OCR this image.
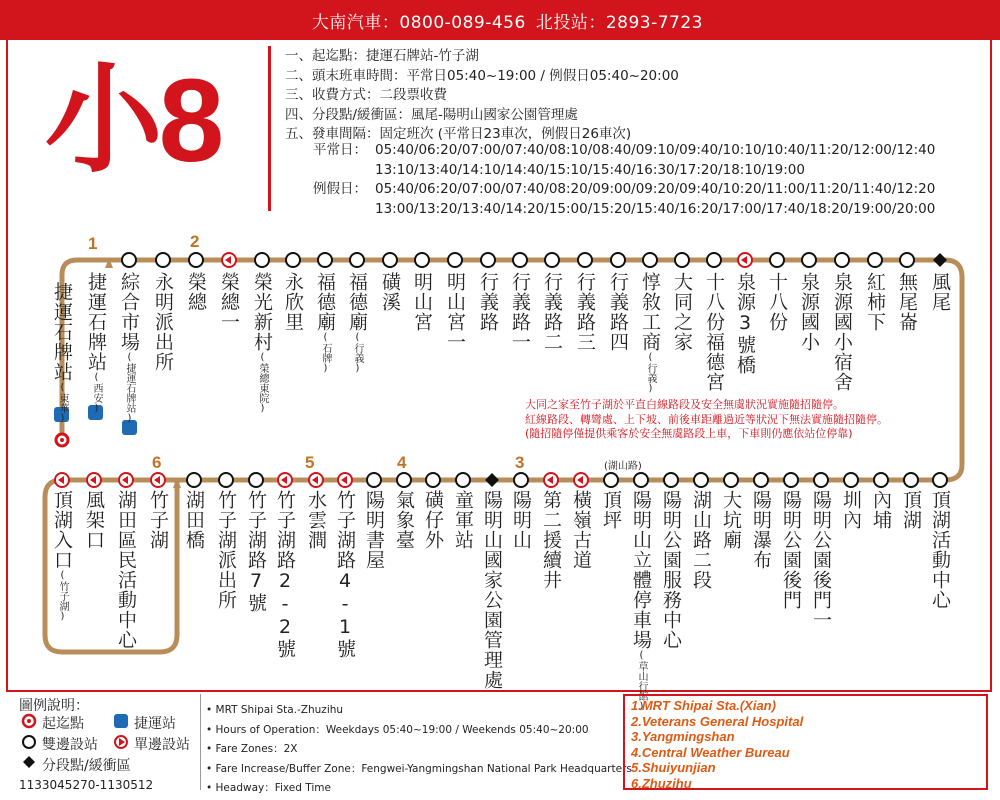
大南汽車：0800-089-456 北投站：2893-7723
小8	一、起迄點：捷運石牌站-竹子湖
二、頭末班車時間：平常日05:40~19:00 / 例假日05:40~20:00
三、收費方式：二段票收費
四、分段點/緩衝區：風尾-陽明山國家公園管理處
五、發車間隔：固定班次 (平常日23車次，例假日26車次)
平常日： 05:40/06:20/07:00/07:40/08:10/08:40/09:10/09:40/10:10/10:40/11:20/12:00/12:40
13:10/13:40/14:10/14:40/15:10/15:40/16:30/17:20/18:10/19:00
例假日： 05:40/06:20/07:00/07:40/08:20/09:00/09:20/09:40/10:20/11:00/11:20/11:40/12:20
13:00/13:20/13:40/14:20/15:00/15:20/15:40/16:20/17:00/17:40/18:20/19:00/20:00
捷運石牌站(東華)
捷運石牌站(西安)
綜合市場(捷運石牌站)
永明派出所 榮總 榮總一 榮光新村(榮總東院)
永欣里 福德廟(石牌)
福德廟(行義)
磺溪 明山宮 明山宮一 行義路 行義路一 行義路二 行義路三 行義路四 惇敘工商(行義)
大同之家 十八份福德宮 泉源3號橋 十八份 泉源國小 泉源國小宿舍 紅柿下 無尾崙 風尾
頂湖入口(竹子湖)
風架口 湖田區民活動中心 竹子湖 湖田橋 竹子湖派出所 竹子湖路7號 竹子湖路2-2號 水雲澗 竹子湖路4-1號 陽明書屋 氣象臺 磺仔外 童軍站 陽明山國家公園管理處 陽明山 第二援續井 橫嶺古道 頂坪 陽明山立體停車場(草山行館)
陽明公園服務中心 湖山路二段 大坑廟 陽明瀑布 陽明公園後門 陽明公園後門一 圳內 內埔 頂湖 頂湖活動中心
1	2
3
4
5
6	(湖山路)
大同之家至竹子湖於平直白線路段及安全無虞狀況實施隨招隨停。
紅線路段、轉彎處、上下坡、前後車距離過近等狀況下無法實施隨招隨停。
(隨招隨停僅提供乘客於安全無虞路段上車，下車則仍應依站位停靠)
圖例說明：
起迄點	捷運站
雙邊設站	單邊設站
分段點/緩衝區
1133045270-1130512
• MRT Shipai Sta.-Zhuzihu
• Hours of Operation：Weekdays 05:40~19:00 / Weekends 05:40~20:00
• Fare Zones：2X
• Fare Increase/Buffer Zone：Fengwei-Yangmingshan National Park Headquarters
• Headway：Fixed Time
1.MRT Shipai Sta.(Xian)
2.Veterans General Hospital
3.Yangmingshan
4.Central Weather Bureau
5.Shuiyunjian
6.Zhuzihu
